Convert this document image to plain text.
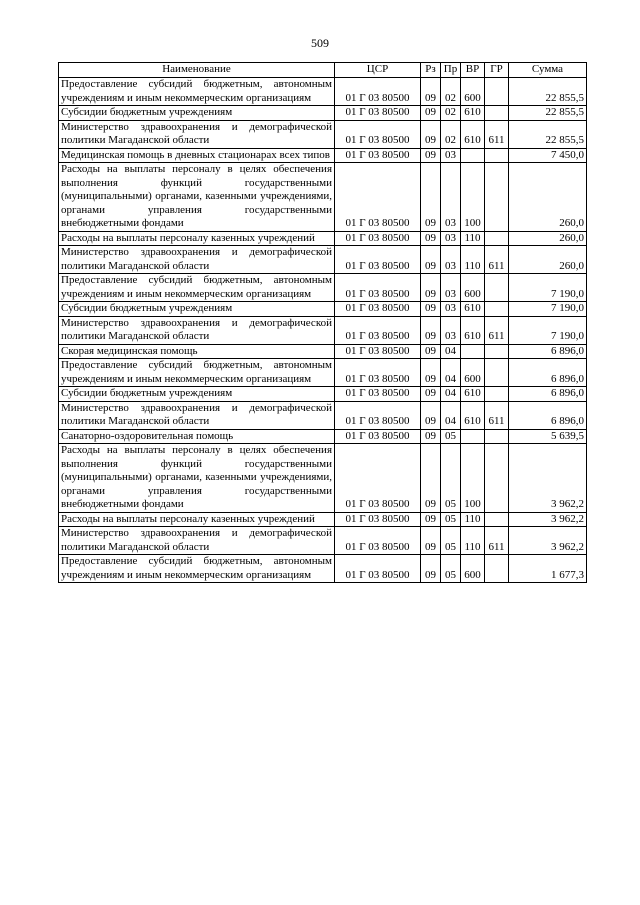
509
Наименование	ЦСР	Рз	Пр	ВР	ГР	Сумма
Предоставление субсидий бюджетным, автономным учреждениям и иным некоммерческим организациям	01 Г 03 80500	09	02	600		22 855,5
Субсидии бюджетным учреждениям	01 Г 03 80500	09	02	610		22 855,5
Министерство здравоохранения и демографической политики Магаданской области	01 Г 03 80500	09	02	610	611	22 855,5
Медицинская помощь в дневных стационарах всех типов	01 Г 03 80500	09	03			7 450,0
Расходы на выплаты персоналу в целях обеспечения выполнения функций государственными (муниципальными) органами, казенными учреждениями, органами управления государственными внебюджетными фондами	01 Г 03 80500	09	03	100		260,0
Расходы на выплаты персоналу казенных учреждений	01 Г 03 80500	09	03	110		260,0
Министерство здравоохранения и демографической политики Магаданской области	01 Г 03 80500	09	03	110	611	260,0
Предоставление субсидий бюджетным, автономным учреждениям и иным некоммерческим организациям	01 Г 03 80500	09	03	600		7 190,0
Субсидии бюджетным учреждениям	01 Г 03 80500	09	03	610		7 190,0
Министерство здравоохранения и демографической политики Магаданской области	01 Г 03 80500	09	03	610	611	7 190,0
Скорая медицинская помощь	01 Г 03 80500	09	04			6 896,0
Предоставление субсидий бюджетным, автономным учреждениям и иным некоммерческим организациям	01 Г 03 80500	09	04	600		6 896,0
Субсидии бюджетным учреждениям	01 Г 03 80500	09	04	610		6 896,0
Министерство здравоохранения и демографической политики Магаданской области	01 Г 03 80500	09	04	610	611	6 896,0
Санаторно-оздоровительная помощь	01 Г 03 80500	09	05			5 639,5
Расходы на выплаты персоналу в целях обеспечения выполнения функций государственными (муниципальными) органами, казенными учреждениями, органами управления государственными внебюджетными фондами	01 Г 03 80500	09	05	100		3 962,2
Расходы на выплаты персоналу казенных учреждений	01 Г 03 80500	09	05	110		3 962,2
Министерство здравоохранения и демографической политики Магаданской области	01 Г 03 80500	09	05	110	611	3 962,2
Предоставление субсидий бюджетным, автономным учреждениям и иным некоммерческим организациям	01 Г 03 80500	09	05	600		1 677,3
